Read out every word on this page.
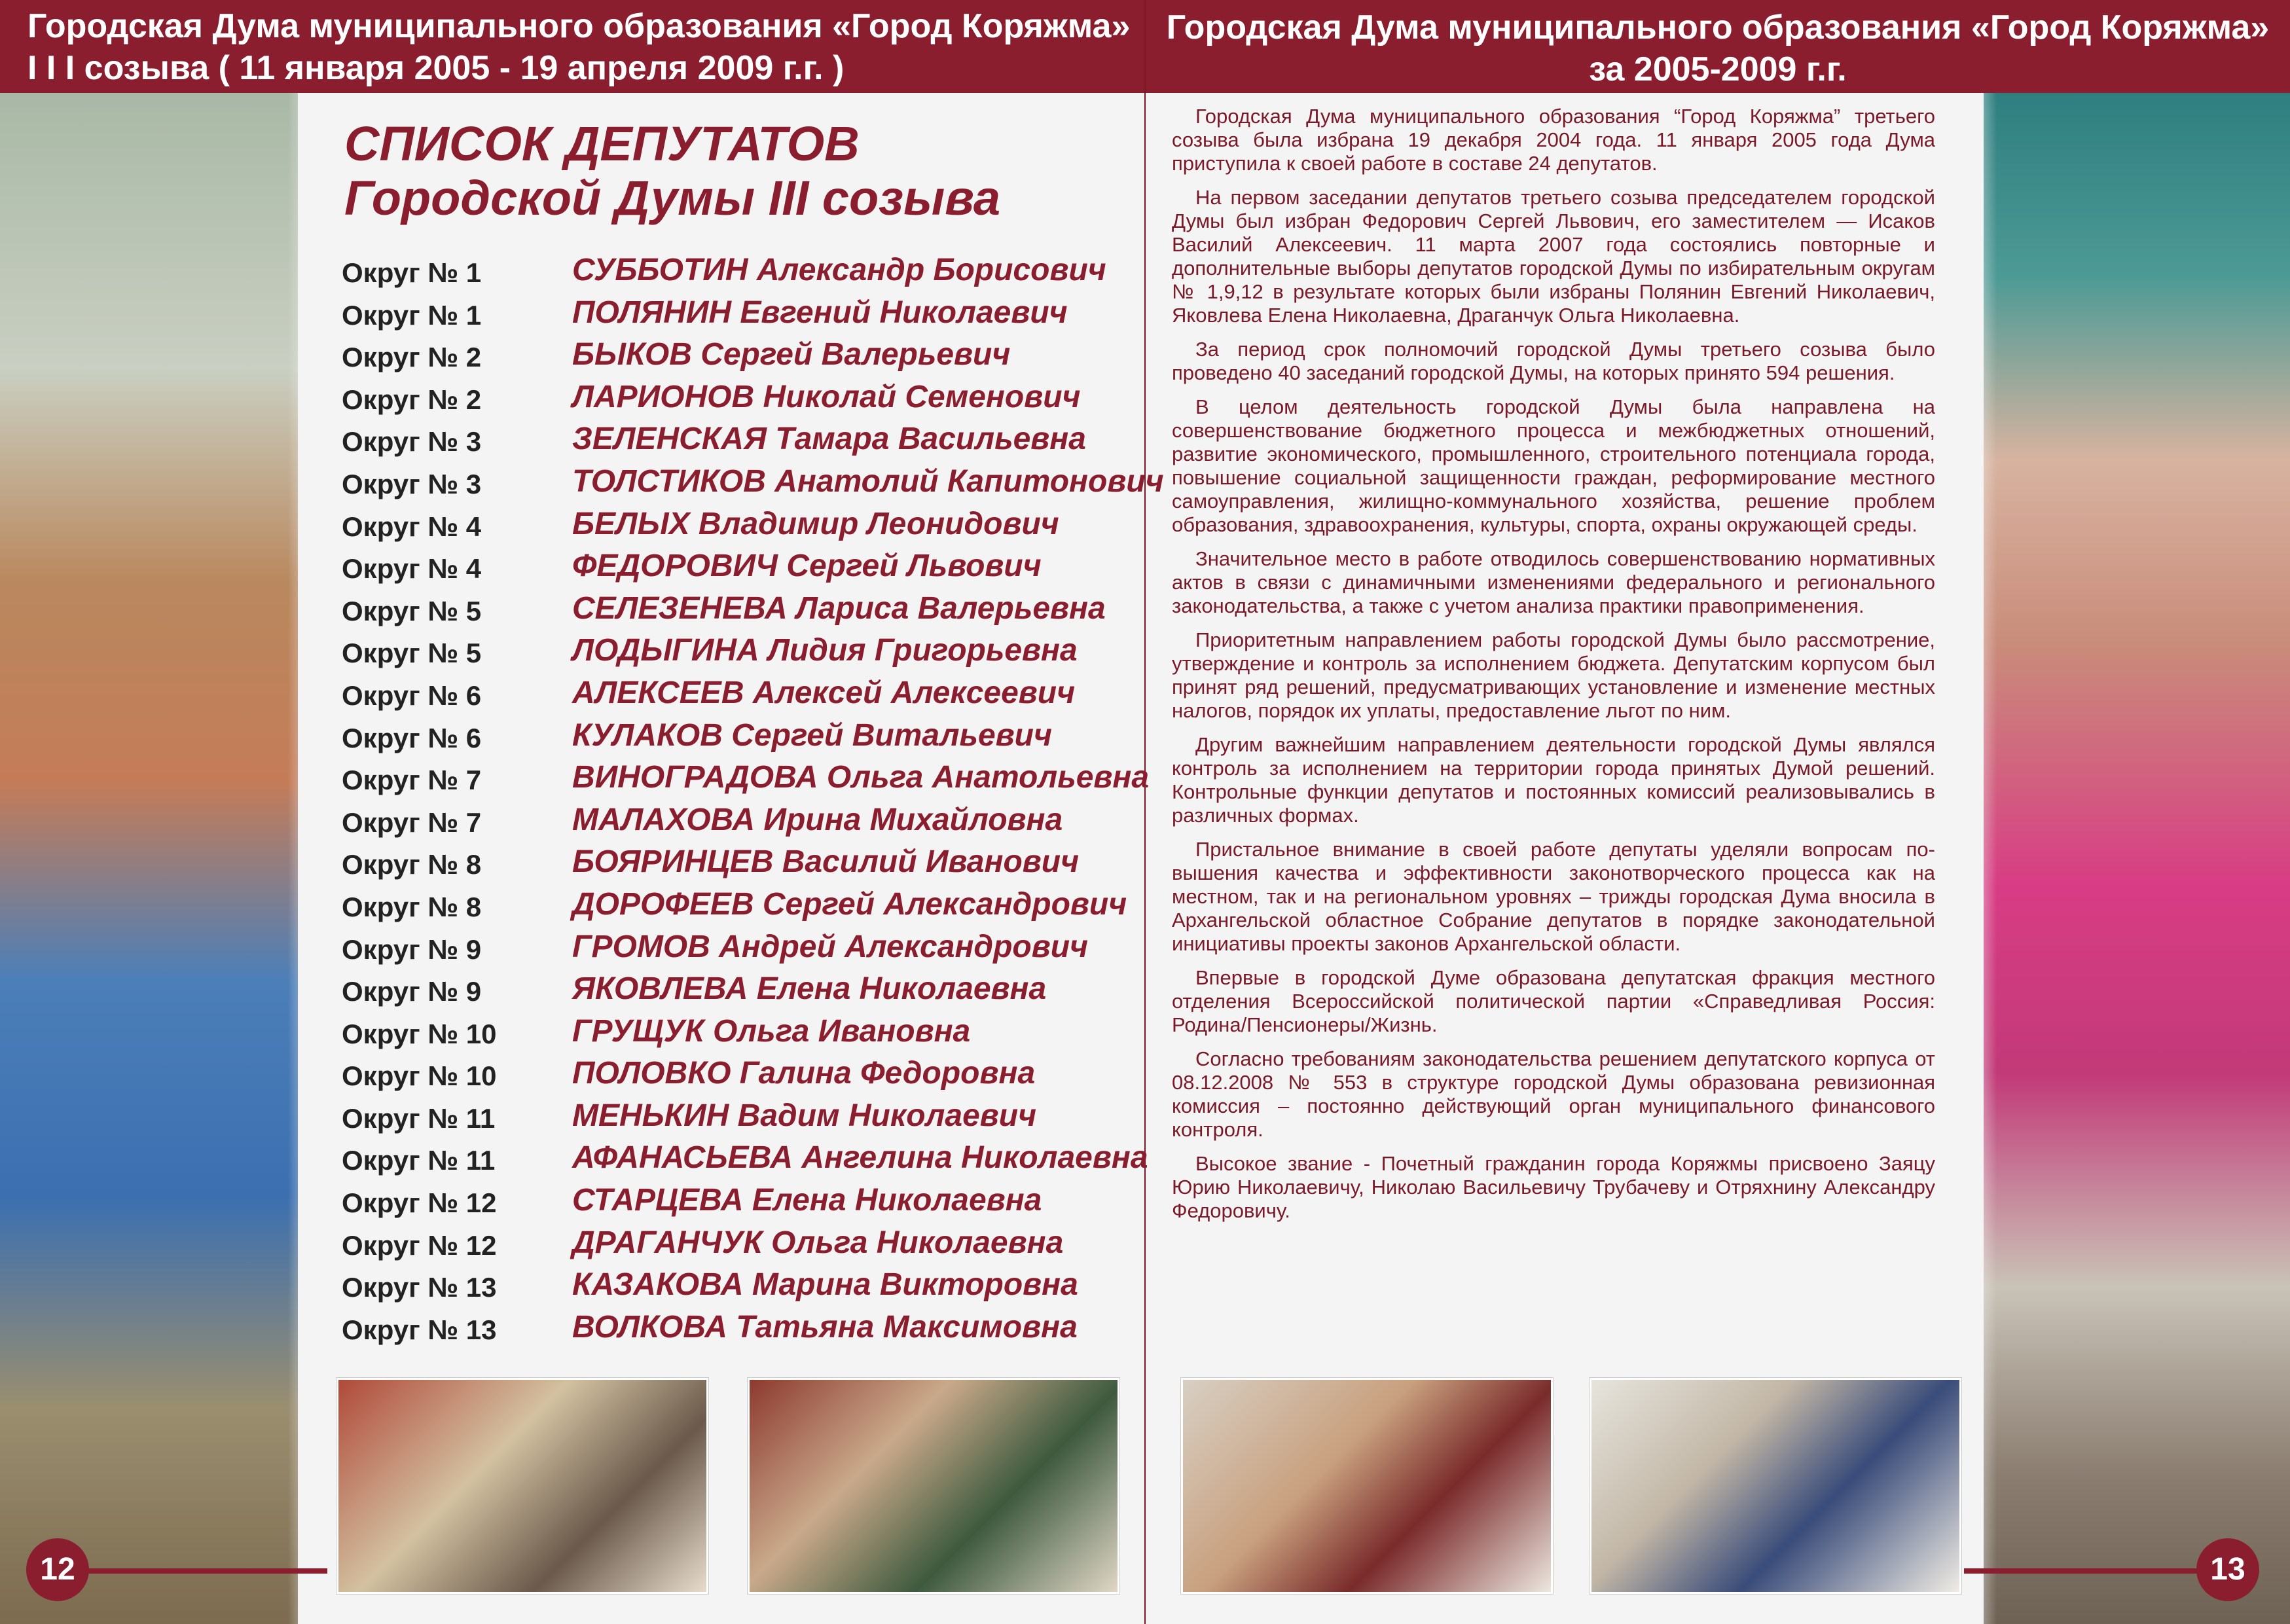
Городская Дума муниципального образования «Город Коряжма»
I I I созыва ( 11 января 2005 - 19 апреля 2009 г.г. )
Городская Дума муниципального образования «Город Коряжма»
за 2005-2009 г.г.
СПИСОК ДЕПУТАТОВ
Городской Думы III созыва
Округ № 1	СУББОТИН Александр Борисович
Округ № 1	ПОЛЯНИН Евгений Николаевич
Округ № 2	БЫКОВ Сергей Валерьевич
Округ № 2	ЛАРИОНОВ Николай Семенович
Округ № 3	ЗЕЛЕНСКАЯ Тамара Васильевна
Округ № 3	ТОЛСТИКОВ Анатолий Капитонович
Округ № 4	БЕЛЫХ Владимир Леонидович
Округ № 4	ФЕДОРОВИЧ Сергей Львович
Округ № 5	СЕЛЕЗЕНЕВА Лариса Валерьевна
Округ № 5	ЛОДЫГИНА Лидия Григорьевна
Округ № 6	АЛЕКСЕЕВ Алексей Алексеевич
Округ № 6	КУЛАКОВ Сергей Витальевич
Округ № 7	ВИНОГРАДОВА Ольга Анатольевна
Округ № 7	МАЛАХОВА Ирина Михайловна
Округ № 8	БОЯРИНЦЕВ Василий Иванович
Округ № 8	ДОРОФЕЕВ Сергей Александрович
Округ № 9	ГРОМОВ Андрей Александрович
Округ № 9	ЯКОВЛЕВА Елена Николаевна
Округ № 10 ГРУЩУК Ольга Ивановна
Округ № 10 ПОЛОВКО Галина Федоровна
Округ № 11 МЕНЬКИН Вадим Николаевич
Округ № 11 АФАНАСЬЕВА Ангелина Николаевна
Округ № 12 СТАРЦЕВА Елена Николаевна
Округ № 12 ДРАГАНЧУК Ольга Николаевна
Округ № 13 КАЗАКОВА Марина Викторовна
Округ № 13 ВОЛКОВА Татьяна Максимовна

Городская Дума муниципального образования “Город Коряжма” третьего созыва была избрана 19 декабря 2004 года. 11 января 2005 года Дума приступила к своей работе в составе 24 депутатов.

На первом заседании депутатов третьего созыва председателем городской Думы был избран Федорович Сергей Львович, его заместителем — Исаков Василий Алексеевич. 11 марта 2007 года состоялись повторные и дополнительные выборы депутатов городской Думы по избирательным округам № 1,9,12 в результате которых были избраны Полянин Евгений Николаевич, Яковлева Елена Николаевна, Драганчук Ольга Николаевна.

За период срок полномочий городской Думы третьего созыва было проведено 40 заседаний городской Думы, на которых принято 594 решения.

В целом деятельность городской Думы была направлена на совершенствование бюджетного процесса и межбюджетных отношений, развитие экономического, промышленного, строительного потенциала города, повышение социальной защищенности граждан, реформирование местного самоуправления, жилищно-коммунального хозяйства, решение проблем образования, здравоохранения, культуры, спорта, охраны окружающей среды.

Значительное место в работе отводилось совершенствованию нормативных актов в связи с динамичными изменениями федерального и регионального законодательства, а также с учетом анализа практики правоприменения.

Приоритетным направлением работы городской Думы было рассмотрение, утверждение и контроль за исполнением бюджета. Депутатским корпусом был принят ряд решений, предусматривающих установление и изменение местных налогов, порядок их уплаты, предоставление льгот по ним.

Другим важнейшим направлением деятельности городской Думы являлся контроль за исполнением на территории города принятых Думой решений. Контрольные функции депутатов и постоянных комиссий реализовывались в различных формах.

Пристальное внимание в своей работе депутаты уделяли вопросам по-вышения качества и эффективности законотворческого процесса как на местном, так и на региональном уровнях – трижды городская Дума вносила в Архангельской областное Собрание депутатов в порядке законодательной инициативы проекты законов Архангельской области.

Впервые в городской Думе образована депутатская фракция местного отделения Всероссийской политической партии «Справедливая Россия: Родина/Пенсионеры/Жизнь.

Согласно требованиям законодательства решением депутатского корпуса от 08.12.2008 № 553 в структуре городской Думы образована ревизионная комиссия – постоянно действующий орган муниципального финансового контроля.

Высокое звание - Почетный гражданин города Коряжмы присвоено Заяцу Юрию Николаевичу, Николаю Васильевичу Трубачеву и Отряхнину Александру Федоровичу.

12	13
